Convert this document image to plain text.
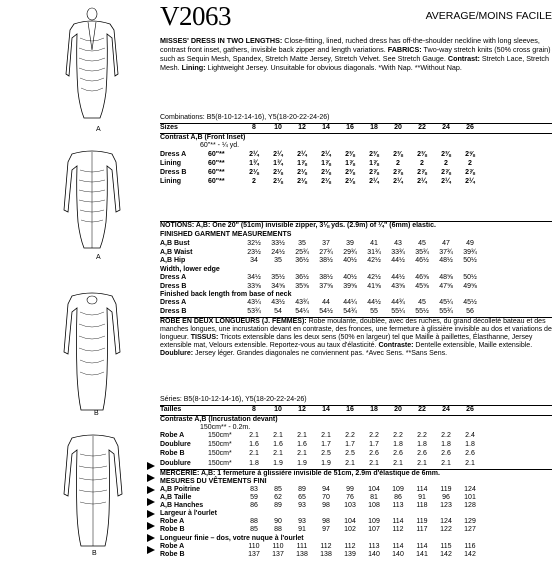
A
A
B
B
V2063	AVERAGE/MOINS FACILE
MISSES' DRESS IN TWO LENGTHS: Close-fitting, lined, ruched dress has off-the-shoulder neckline with long sleeves, contrast front inset, gathers, invisible back zipper and length variations. FABRICS: Two-way stretch knits (50% cross grain) such as Sequin Mesh, Spandex, Stretch Matte Jersey, Stretch Velvet. See Stretch Gauge. Contrast: Stretch Lace, Stretch Mesh. Lining: Lightweight Jersey. Unsuitable for obvious diagonals. *With Nap. **Without Nap.
Combinations: B5(8-10-12-14-16), Y5(18-20-22-24-26)
Sizes	8	10	12	14	16	18	20	22	24	26
Contrast A,B (Front Inset)
60"** - ¼ yd.
Dress A	60"**	2¼	2¼	2¼	2¼	2⅜	2⅜	2⅜	2⅜	2⅜	2⅝
Lining	60"**	1¾	1¾	1⅞	1⅞	1⅞	1⅞	2	2	2	2
Dress B	60"**	2⅛	2⅛	2⅛	2⅛	2⅜	2⅞	2⅞	2⅞	2⅞	2⅞
Lining	60"**	2	2⅛	2⅛	2⅛	2⅛	2¼	2¼	2¼	2¼	2¼
NOTIONS: A,B: One 20" (51cm) invisible zipper, 3⅛ yds. (2.9m) of ¼" (6mm) elastic.
FINISHED GARMENT MEASUREMENTS
A,B Bust	32½	33½	35	37	39	41	43	45	47	49
A,B Waist	23½	24½	25¾	27¾	29¾	31¾	33¾	35¾	37¾	39¾
A,B Hip	34	35	36½	38½	40½	42½	44½	46½	48½	50½
Width, lower edge
Dress A	34½	35½	36½	38½	40½	42½	44½	46⅝	48⅝	50½
Dress B	33⅝	34⅝	35⅝	37⅝	39⅝	41⅝	43⅝	45⅝	47⅝	49⅝
Finished back length from base of neck
Dress A	43¼	43½	43¾	44	44¼	44½	44¾	45	45¼	45½
Dress B	53¾	54	54¼	54½	54¾	55	55¼	55½	55¾	56
ROBE EN DEUX LONGUEURS (J. FEMMES): Robe moulante, doublée, avec des ruches, du grand décolleté bateau et des manches longues, une incrustation devant en contraste, des fronces, une fermeture à glissière invisible au dos et variations de longueur. TISSUS: Tricots extensible dans les deux sens (50% en largeur) tel que Maille à paillettes, Élasthanne, Jersey extensible mat, Velours extensible. Reportez-vous au taux d'élasticité. Contraste: Dentelle extensible, Maille extensible. Doublure: Jersey léger. Grandes diagonales ne conviennent pas. *Avec Sens. **Sans Sens.
Séries: B5(8-10-12-14-16), Y5(18-20-22-24-26)
Tailles	8	10	12	14	16	18	20	22	24	26
Contraste A,B (Incrustation devant)
150cm** - 0.2m.
Robe A	150cm*	2.1	2.1	2.1	2.1	2.2	2.2	2.2	2.2	2.2	2.4
Doublure 150cm*	1.6	1.6	1.6	1.7	1.7	1.7	1.8	1.8	1.8	1.8
Robe B	150cm*	2.1	2.1	2.1	2.5	2.5	2.6	2.6	2.6	2.6	2.6
Doublure 150cm*	1.8	1.9	1.9	1.9	2.1	2.1	2.1	2.1	2.1	2.1
MERCERIE: A,B: 1 fermeture à glissière invisible de 51cm, 2.9m d'élastique de 6mm.
MESURES DU VÊTEMENTS FINI
A,B Poitrine	83	85	89	94	99	104	109	114	119	124
A,B Taille	59	62	65	70	76	81	86	91	96	101
A,B Hanches	86	89	93	98	103	108	113	118	123	128
Largeur à l'ourlet
Robe A	88	90	93	98	104	109	114	119	124	129
Robe B	85	88	91	97	102	107	112	117	122	127
Longueur finie – dos, votre nuque à l'ourlet
Robe A	110	110	111	112	112	113	114	114	115	116
Robe B	137	137	138	138	139	140	140	141	142	142
